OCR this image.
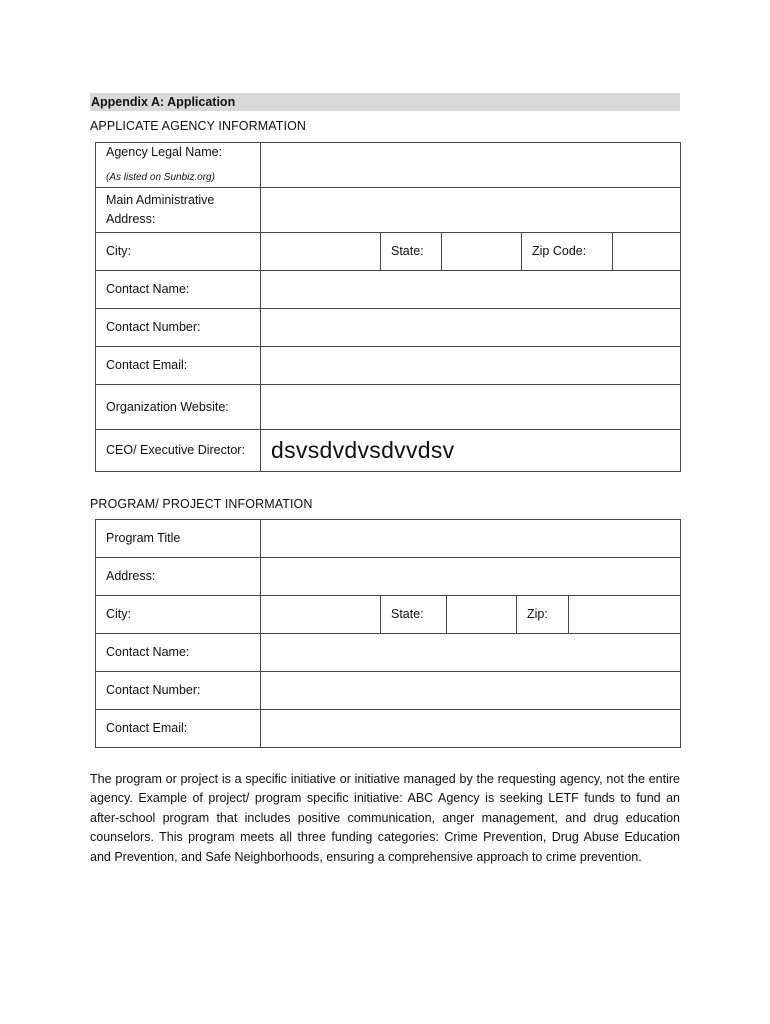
Appendix A: Application
APPLICATE AGENCY INFORMATION
Agency Legal Name:
(As listed on Sunbiz.org)					

Main Administrative Address:					
City:		State:		Zip Code:	
Contact Name:					
Contact Number:					
Contact Email:					
Organization Website:					
CEO/ Executive Director:	dsvsdvdvsdvvdsv				
PROGRAM/ PROJECT INFORMATION
Program Title					
Address:					
City:		State:		Zip:	
Contact Name:					
Contact Number:					
Contact Email:					
The program or project is a specific initiative or initiative managed by the requesting agency, not the entire agency. Example of project/ program specific initiative: ABC Agency is seeking LETF funds to fund an after-school program that includes positive communication, anger management, and drug education counselors. This program meets all three funding categories: Crime Prevention, Drug Abuse Education and Prevention, and Safe Neighborhoods, ensuring a comprehensive approach to crime prevention.
